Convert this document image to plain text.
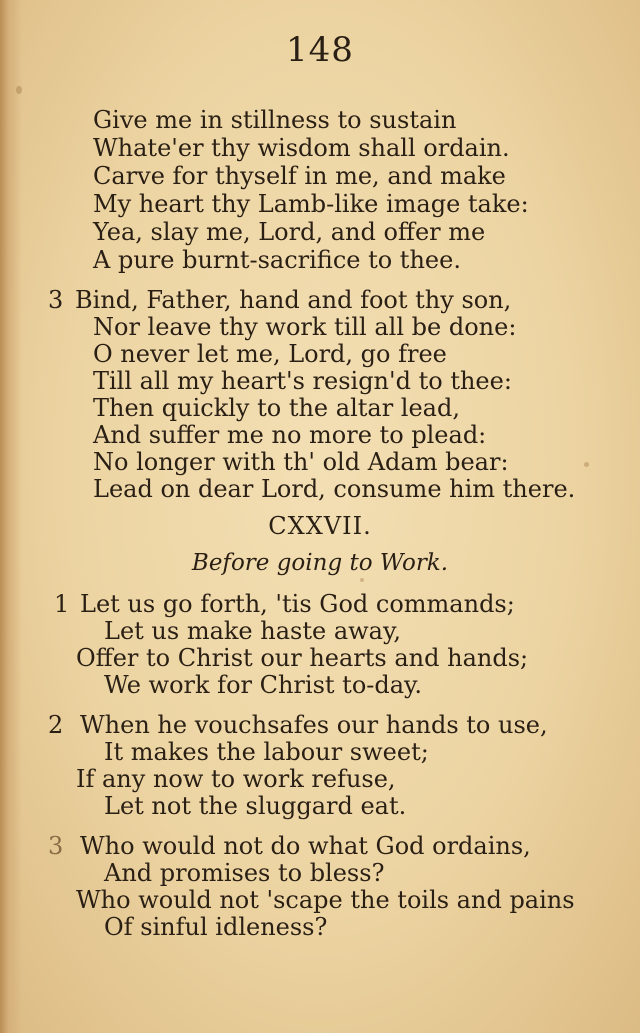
148
Give me in stillness to sustain
Whate'er thy wisdom shall ordain.
Carve for thyself in me, and make
My heart thy Lamb-like image take:
Yea, slay me, Lord, and offer me
A pure burnt-sacrifice to thee.
3 Bind, Father, hand and foot thy son,
Nor leave thy work till all be done:
O never let me, Lord, go free
Till all my heart's resign'd to thee:
Then quickly to the altar lead,
And suffer me no more to plead:
No longer with th' old Adam bear:
Lead on dear Lord, consume him there.
CXXVII.
Before going to Work.
1 Let us go forth, 'tis God commands;
Let us make haste away,
Offer to Christ our hearts and hands;
We work for Christ to-day.
2 When he vouchsafes our hands to use,
It makes the labour sweet;
If any now to work refuse,
Let not the sluggard eat.
3 Who would not do what God ordains,
And promises to bless?
Who would not 'scape the toils and pains
Of sinful idleness?
